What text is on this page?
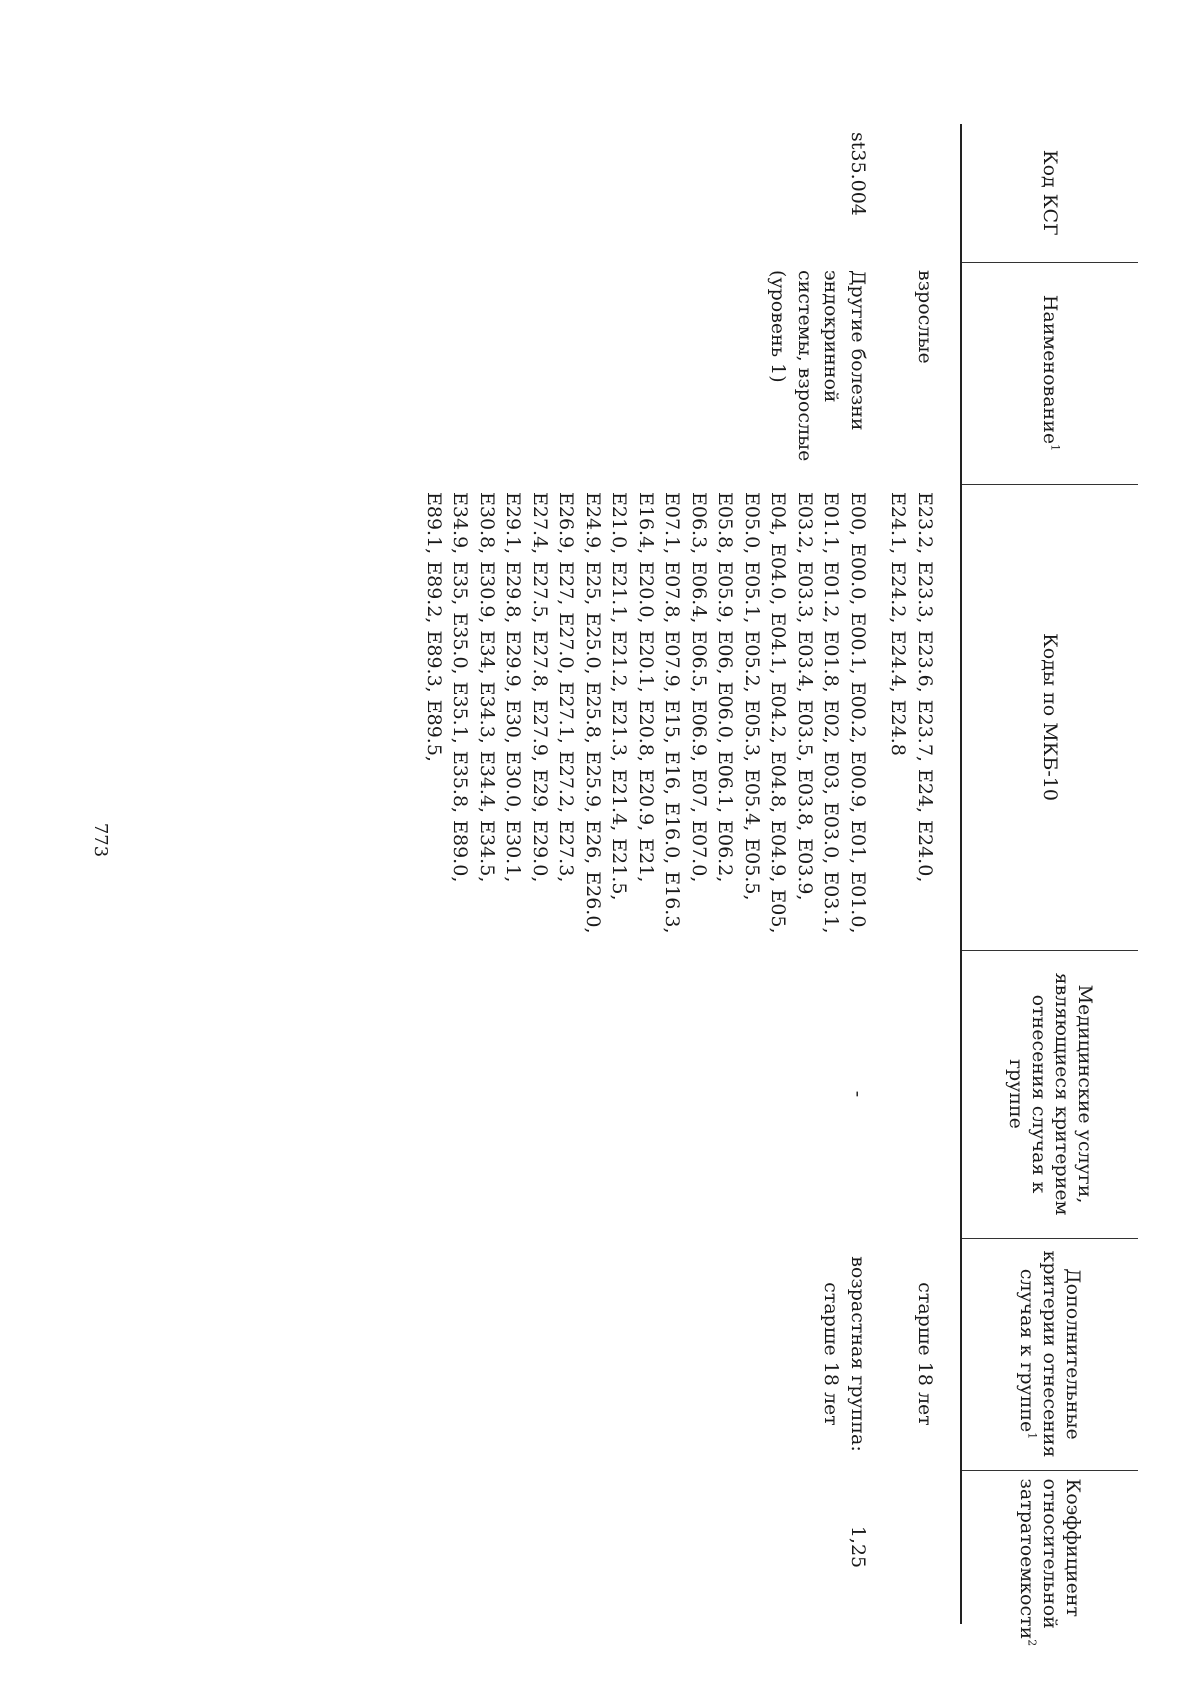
773
Код КСГ	Наименование$^1$	Коды по МКБ-10	Медицинские услуги, являющиеся критерием отнесения случая к группе	Дополнительные критерии отнесения случая к группе$^1$	Коэффициент относительной затратоемкости$^2$
	взрослые	E23.2, E23.3, E23.6, E23.7, E24, E24.0, E24.1, E24.2, E24.4, E24.8		старше 18 лет	
st35.004	Другие болезни эндокринной системы, взрослые (уровень 1)	E00, E00.0, E00.1, E00.2, E00.9, E01, E01.0, E01.1, E01.2, E01.8, E02, E03, E03.0, E03.1, E03.2, E03.3, E03.4, E03.5, E03.8, E03.9, E04, E04.0, E04.1, E04.2, E04.8, E04.9, E05, E05.0, E05.1, E05.2, E05.3, E05.4, E05.5, E05.8, E05.9, E06, E06.0, E06.1, E06.2, E06.3, E06.4, E06.5, E06.9, E07, E07.0, E07.1, E07.8, E07.9, E15, E16, E16.0, E16.3, E16.4, E20.0, E20.1, E20.8, E20.9, E21, E21.0, E21.1, E21.2, E21.3, E21.4, E21.5, E24.9, E25, E25.0, E25.8, E25.9, E26, E26.0, E26.9, E27, E27.0, E27.1, E27.2, E27.3, E27.4, E27.5, E27.8, E27.9, E29, E29.0, E29.1, E29.8, E29.9, E30, E30.0, E30.1, E30.8, E30.9, E34, E34.3, E34.4, E34.5, E34.9, E35, E35.0, E35.1, E35.8, E89.0, E89.1, E89.2, E89.3, E89.5,	-	возрастная группа: старше 18 лет	1,25
